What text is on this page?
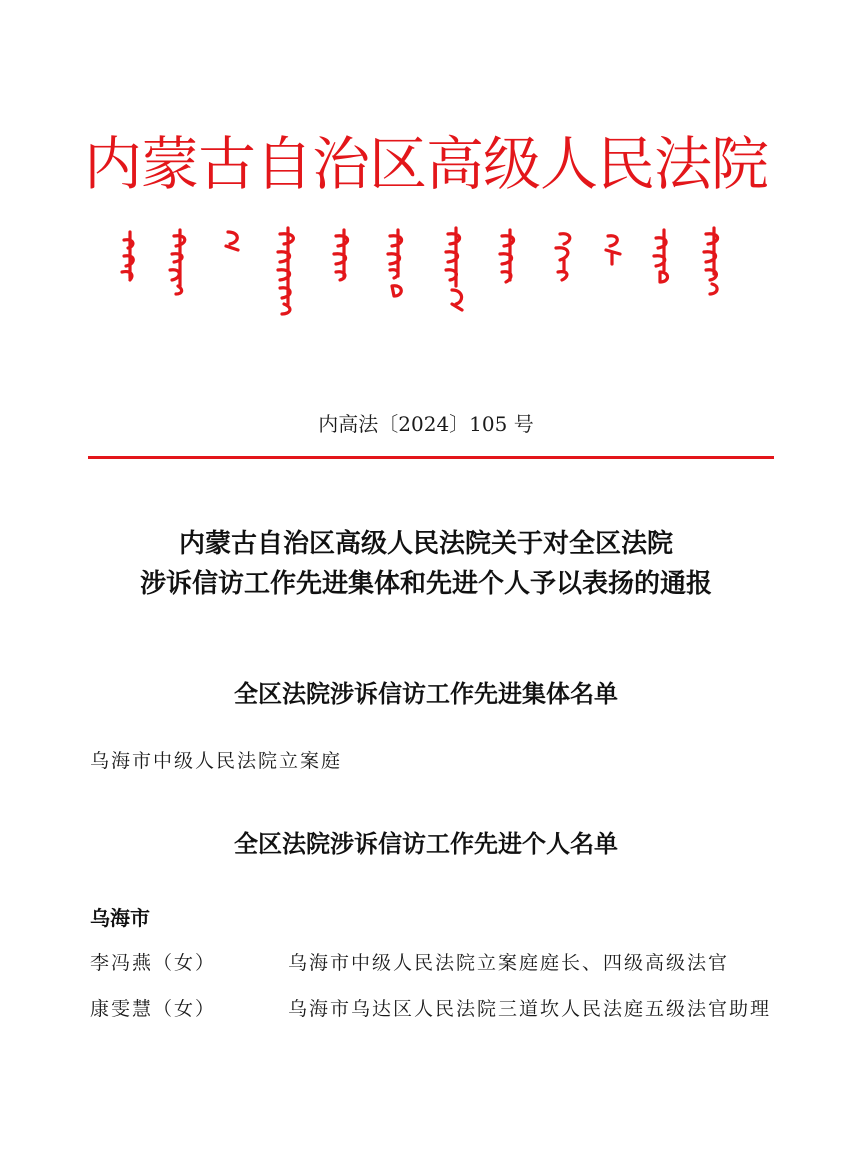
内蒙古自治区高级人民法院
内高法〔2024〕105 号
内蒙古自治区高级人民法院关于对全区法院
涉诉信访工作先进集体和先进个人予以表扬的通报
全区法院涉诉信访工作先进集体名单
乌海市中级人民法院立案庭
全区法院涉诉信访工作先进个人名单
乌海市
李冯燕（女）	乌海市中级人民法院立案庭庭长、四级高级法官
康雯慧（女）	乌海市乌达区人民法院三道坎人民法庭五级法官助理
